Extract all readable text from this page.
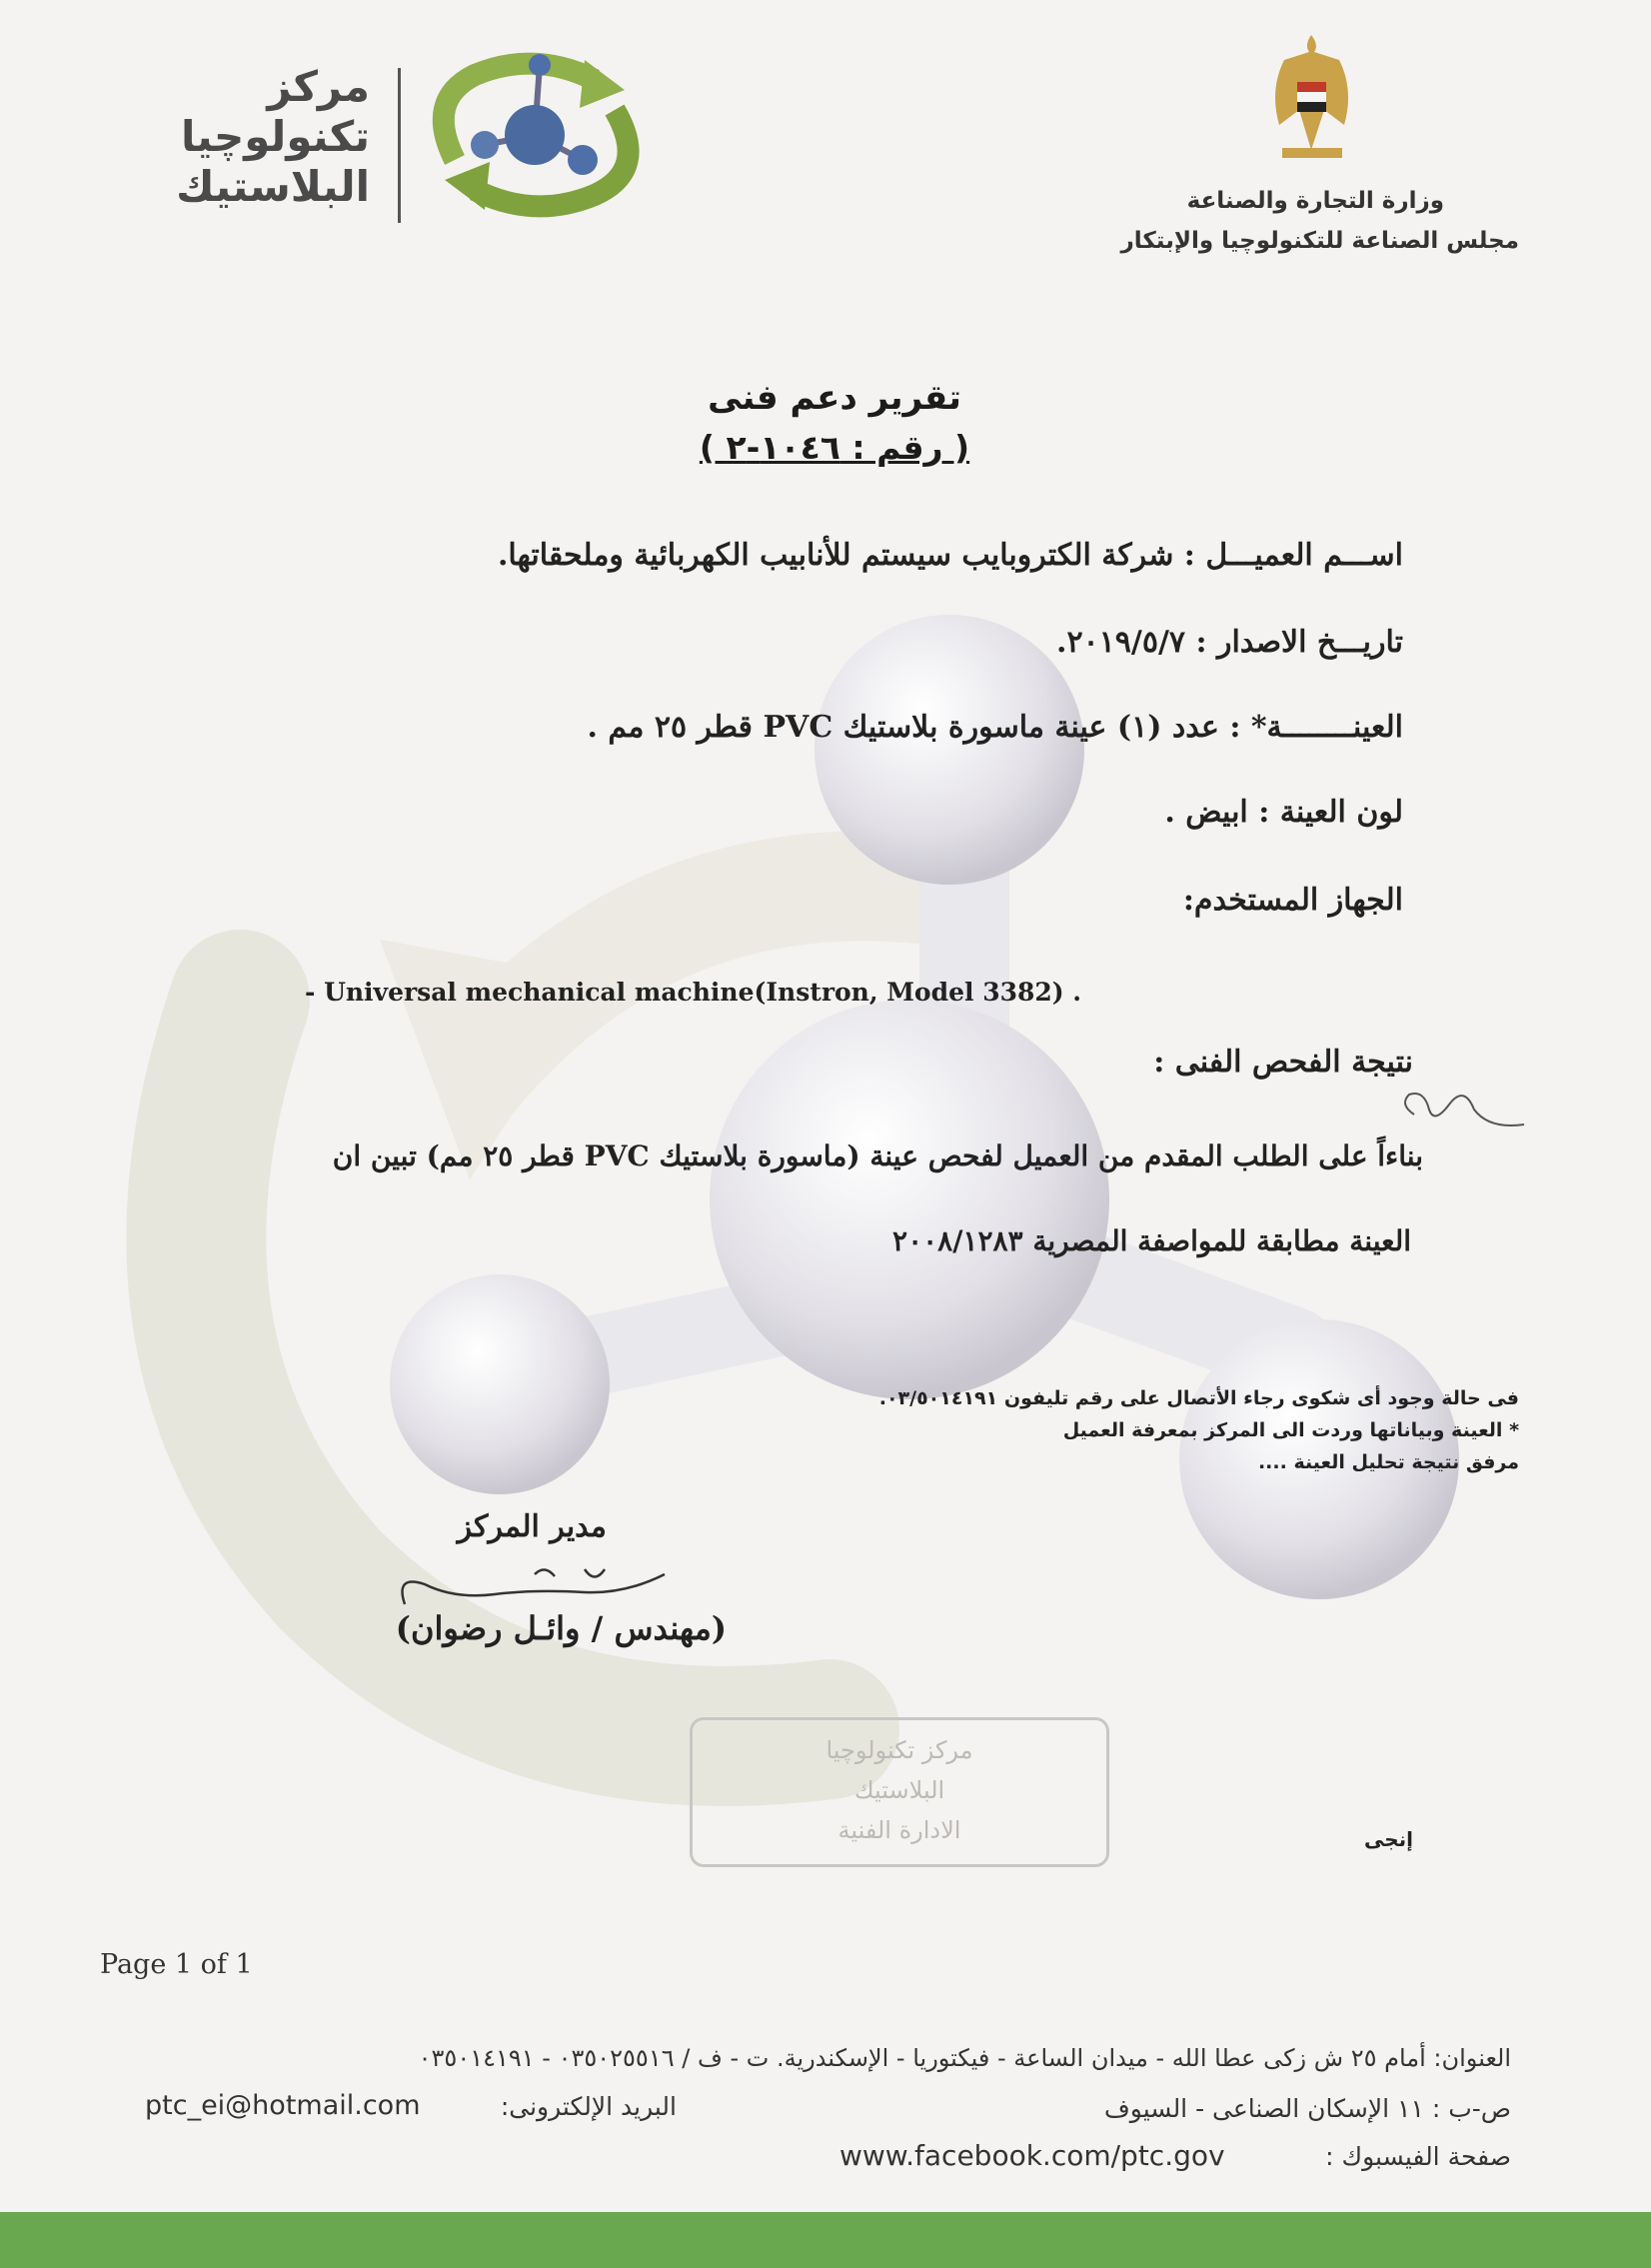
مركز
تكنولوچيا
البلاستيك	وزارة التجارة والصناعة
مجلس الصناعة للتكنولوچيا والإبتكار
تقرير دعم فنى
( رقم : ١٠٤٦-٢ )
اســـم العميـــل : شركة الكتروبايب سيستم للأنابيب الكهربائية وملحقاتها.
تاريـــخ الاصدار : ٢٠١٩/٥/٧.
العينــــــــة* : عدد (١) عينة ماسورة بلاستيك PVC قطر ٢٥ مم .
لون العينة : ابيض .
الجهاز المستخدم:
- Universal mechanical machine(Instron, Model 3382) .
نتيجة الفحص الفنى :
بناءاً على الطلب المقدم من العميل لفحص عينة (ماسورة بلاستيك PVC قطر ٢٥ مم) تبين ان
العينة مطابقة للمواصفة المصرية ٢٠٠٨/١٢٨٣
فى حالة وجود أى شكوى رجاء الأتصال على رقم تليفون ٠٣/٥٠١٤١٩١.
* العينة وبياناتها وردت الى المركز بمعرفة العميل
مرفق نتيجة تحليل العينة ....
مدير المركز
(مهندس / وائـل رضوان)
مركز تكنولوچيا
البلاستيك
الادارة الفنية	إنجى
Page 1 of 1
العنوان: أمام ٢٥ ش زكى عطا الله - ميدان الساعة - فيكتوريا - الإسكندرية. ت - ف / ٠٣٥٠٢٥٥١٦ - ٠٣٥٠١٤١٩١
البريد الإلكترونى:
ptc_ei@hotmail.com	ص-ب : ١١ الإسكان الصناعى - السيوف
صفحة الفيسبوك :
www.facebook.com/ptc.gov
